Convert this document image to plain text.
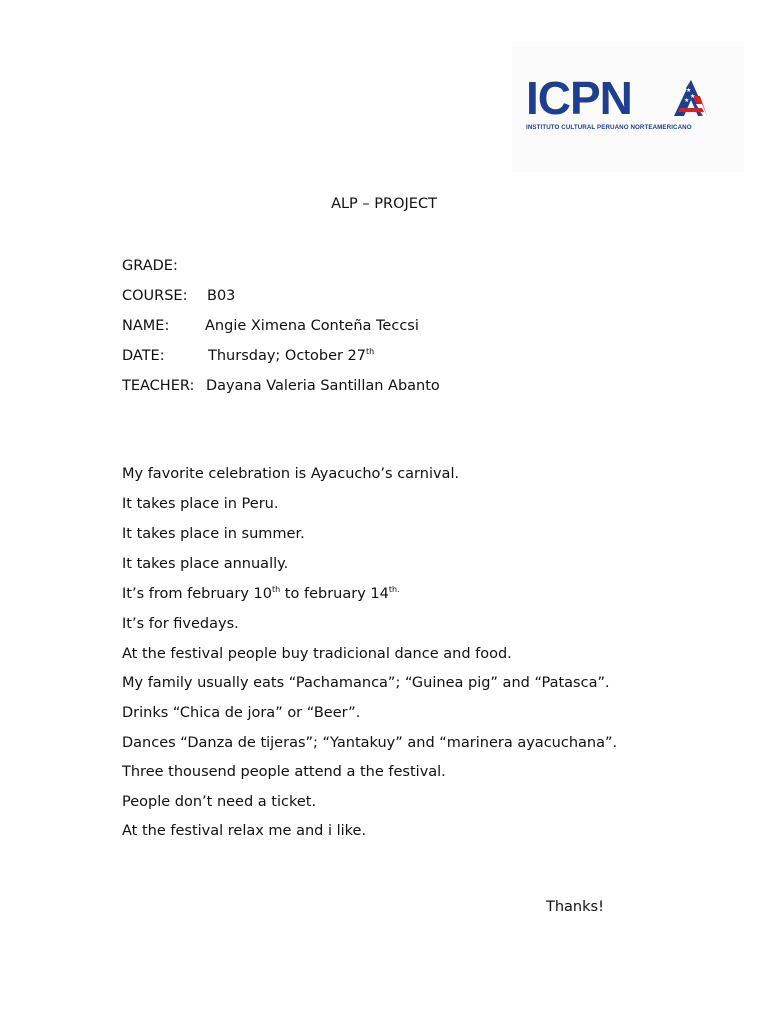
ICPN	★
★
★
★
INSTITUTO CULTURAL PERUANO NORTEAMERICANO
ALP – PROJECT
GRADE:
COURSE: B03
NAME: Angie Ximena Conteña Teccsi
DATE:	Thursday; October 27th
TEACHER: Dayana Valeria Santillan Abanto
My favorite celebration is Ayacucho’s carnival.
It takes place in Peru.
It takes place in summer.
It takes place annually.
It’s from february 10th to february $14^{th.}$
It’s for fivedays.
At the festival people buy tradicional dance and food.
My family usually eats “Pachamanca”; “Guinea pig” and “Patasca”.
Drinks “Chica de jora” or “Beer”.
Dances “Danza de tijeras”; “Yantakuy” and “marinera ayacuchana”.
Three thousend people attend a the festival.
People don’t need a ticket.
At the festival relax me and i like.
Thanks!
